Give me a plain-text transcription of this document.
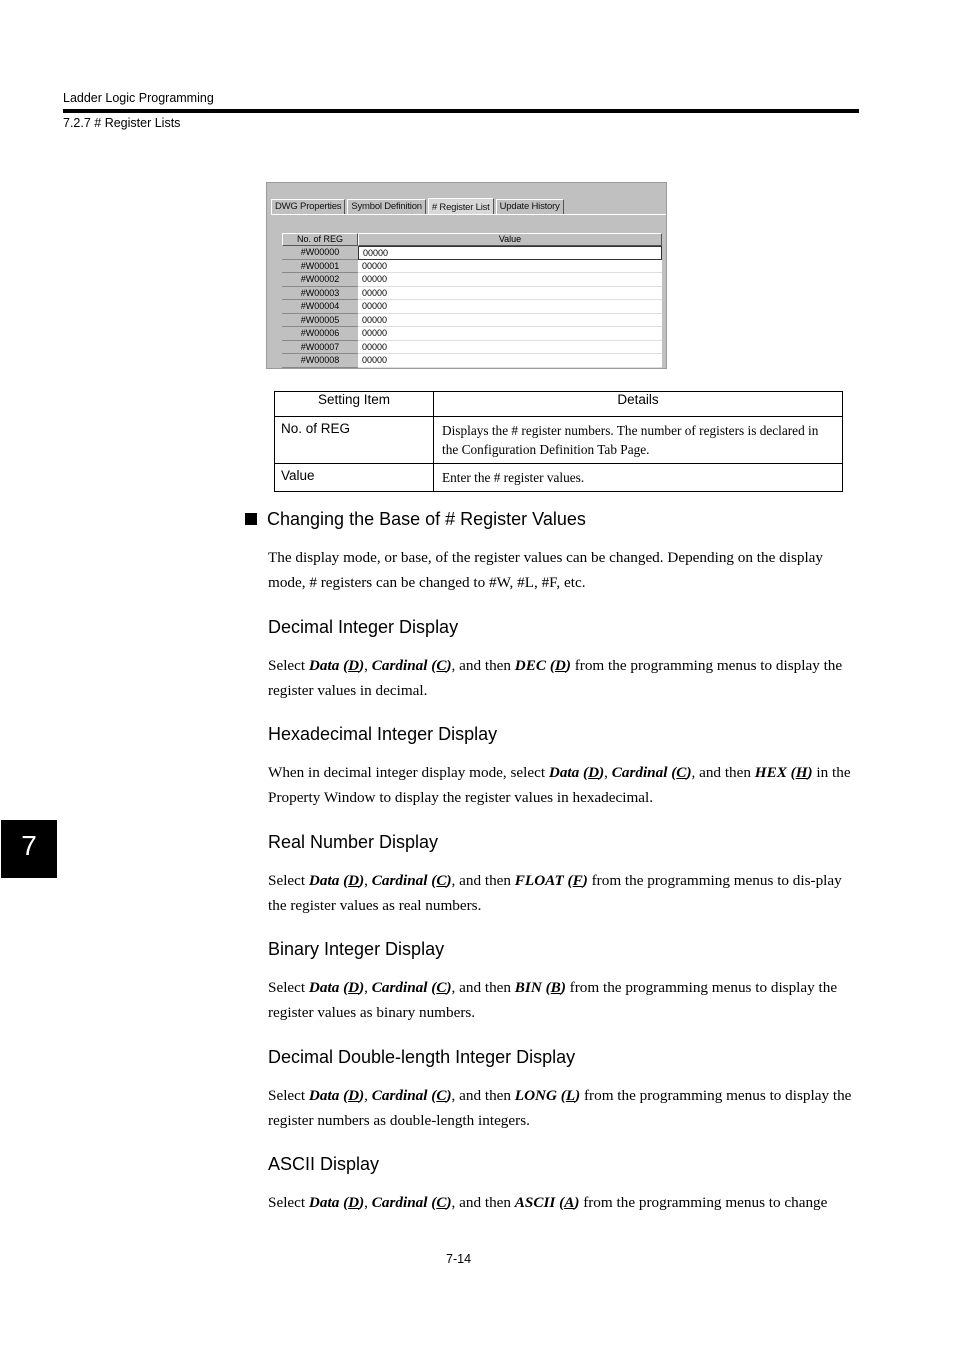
Ladder Logic Programming
7.2.7 # Register Lists
DWG Properties	Symbol Definition	# Register List	Update History
No. of REG	Value
#W00000	00000
#W00001	00000
#W00002	00000
#W00003	00000
#W00004	00000
#W00005	00000
#W00006	00000
#W00007	00000
#W00008	00000
Setting Item	Details
No. of REG	Displays the # register numbers. The number of registers is declared in the Configuration Definition Tab Page.
Value	Enter the # register values.
Changing the Base of # Register Values
The display mode, or base, of the register values can be changed. Depending on the display mode, # registers can be changed to #W, #L, #F, etc.
Decimal Integer Display
Select Data (D), Cardinal (C), and then DEC (D) from the programming menus to display the register values in decimal.
Hexadecimal Integer Display
When in decimal integer display mode, select Data (D), Cardinal (C), and then HEX (H) in the Property Window to display the register values in hexadecimal.
7	Real Number Display
Select Data (D), Cardinal (C), and then FLOAT (F) from the programming menus to dis-play the register values as real numbers.
Binary Integer Display
Select Data (D), Cardinal (C), and then BIN (B) from the programming menus to display the register values as binary numbers.
Decimal Double-length Integer Display
Select Data (D), Cardinal (C), and then LONG (L) from the programming menus to display the register numbers as double-length integers.
ASCII Display
Select Data (D), Cardinal (C), and then ASCII (A) from the programming menus to change
7-14
